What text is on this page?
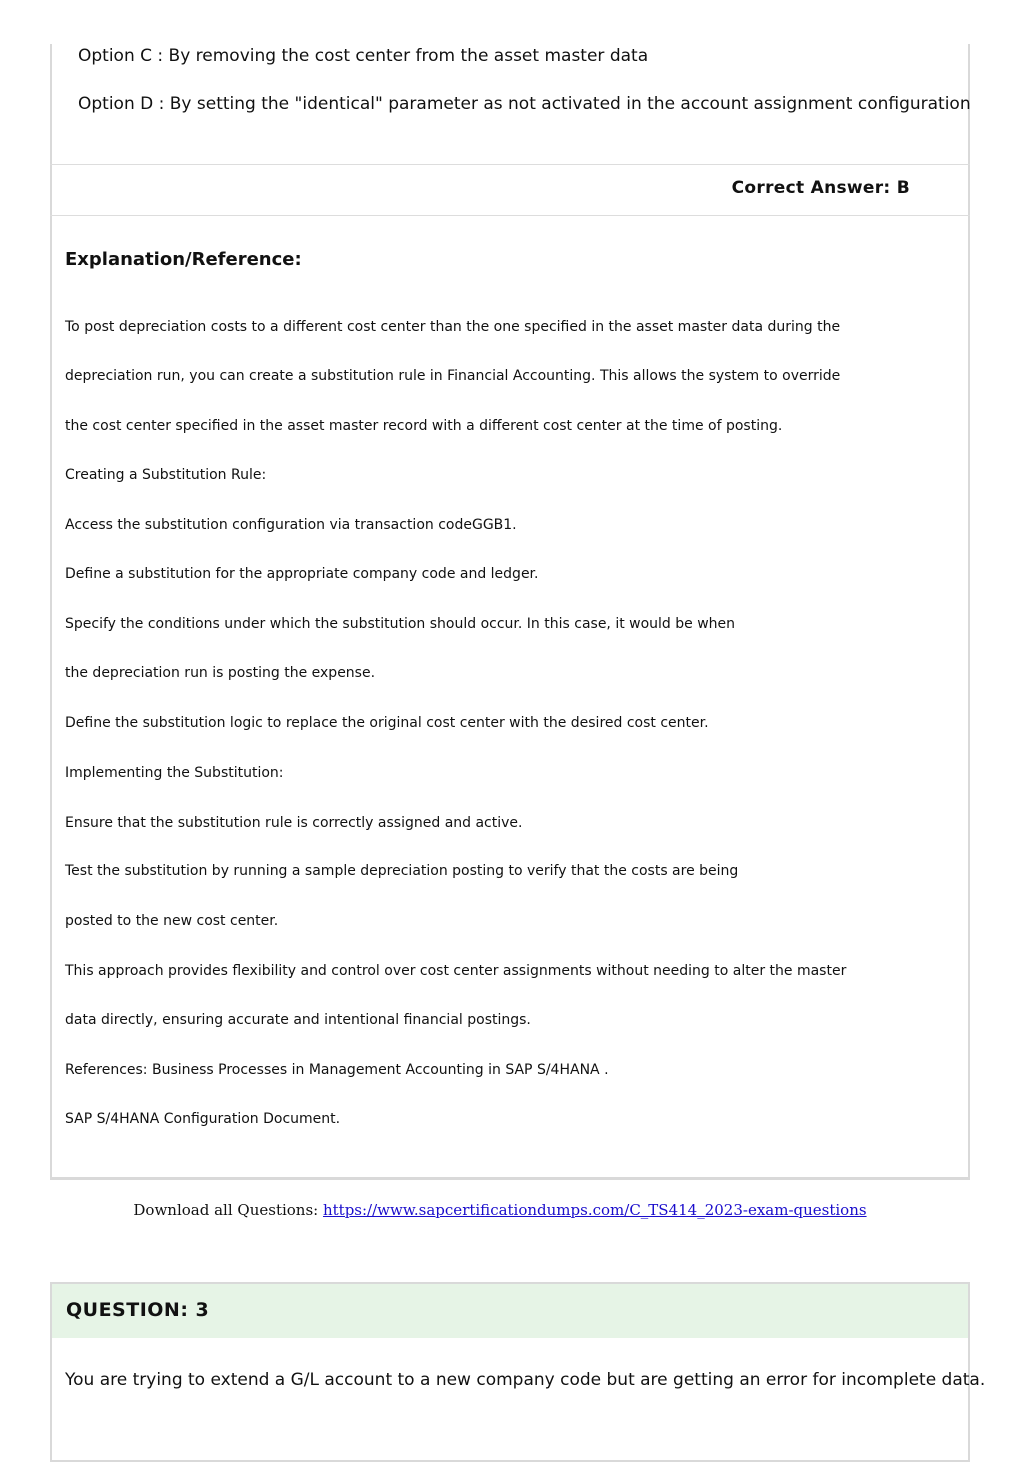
Option C : By removing the cost center from the asset master data
Option D : By setting the "identical" parameter as not activated in the account assignment configuration
Correct Answer: B
Explanation/Reference:
To post depreciation costs to a different cost center than the one specified in the asset master data during the
depreciation run, you can create a substitution rule in Financial Accounting. This allows the system to override
the cost center specified in the asset master record with a different cost center at the time of posting.
Creating a Substitution Rule:
Access the substitution configuration via transaction codeGGB1.
Define a substitution for the appropriate company code and ledger.
Specify the conditions under which the substitution should occur. In this case, it would be when
the depreciation run is posting the expense.
Define the substitution logic to replace the original cost center with the desired cost center.
Implementing the Substitution:
Ensure that the substitution rule is correctly assigned and active.
Test the substitution by running a sample depreciation posting to verify that the costs are being
posted to the new cost center.
This approach provides flexibility and control over cost center assignments without needing to alter the master
data directly, ensuring accurate and intentional financial postings.
References: Business Processes in Management Accounting in SAP S/4HANA .
SAP S/4HANA Configuration Document.
Download all Questions: https://www.sapcertificationdumps.com/C_TS414_2023-exam-questions
QUESTION: 3
You are trying to extend a G/L account to a new company code but are getting an error for incomplete data.
